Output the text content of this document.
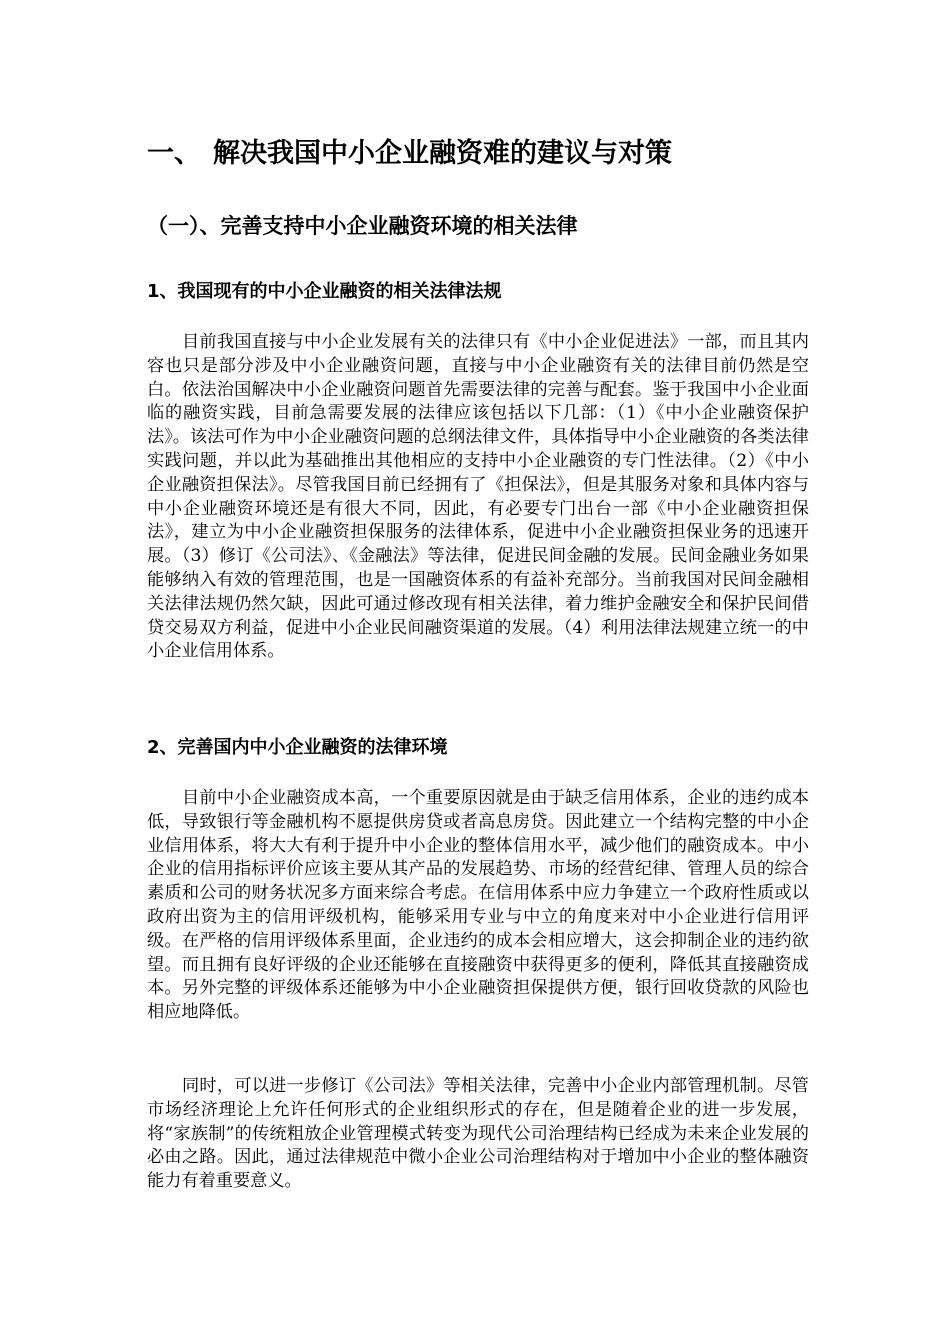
一、 解决我国中小企业融资难的建议与对策
（一）、完善支持中小企业融资环境的相关法律
1、我国现有的中小企业融资的相关法律法规

目前我国直接与中小企业发展有关的法律只有《中小企业促进法》一部，而且其内容也只是部分涉及中小企业融资问题，直接与中小企业融资有关的法律目前仍然是空白。依法治国解决中小企业融资问题首先需要法律的完善与配套。鉴于我国中小企业面临的融资实践，目前急需要发展的法律应该包括以下几部：（1）《中小企业融资保护法》。该法可作为中小企业融资问题的总纲法律文件，具体指导中小企业融资的各类法律实践问题，并以此为基础推出其他相应的支持中小企业融资的专门性法律。（2）《中小企业融资担保法》。尽管我国目前已经拥有了《担保法》，但是其服务对象和具体内容与中小企业融资环境还是有很大不同，因此，有必要专门出台一部《中小企业融资担保法》，建立为中小企业融资担保服务的法律体系，促进中小企业融资担保业务的迅速开展。（3）修订《公司法》、《金融法》等法律，促进民间金融的发展。民间金融业务如果能够纳入有效的管理范围，也是一国融资体系的有益补充部分。当前我国对民间金融相关法律法规仍然欠缺，因此可通过修改现有相关法律，着力维护金融安全和保护民间借贷交易双方利益，促进中小企业民间融资渠道的发展。（4）利用法律法规建立统一的中小企业信用体系。

2、完善国内中小企业融资的法律环境

目前中小企业融资成本高，一个重要原因就是由于缺乏信用体系，企业的违约成本低，导致银行等金融机构不愿提供房贷或者高息房贷。因此建立一个结构完整的中小企业信用体系，将大大有利于提升中小企业的整体信用水平，减少他们的融资成本。中小企业的信用指标评价应该主要从其产品的发展趋势、市场的经营纪律、管理人员的综合素质和公司的财务状况多方面来综合考虑。在信用体系中应力争建立一个政府性质或以政府出资为主的信用评级机构，能够采用专业与中立的角度来对中小企业进行信用评级。在严格的信用评级体系里面，企业违约的成本会相应增大，这会抑制企业的违约欲望。而且拥有良好评级的企业还能够在直接融资中获得更多的便利，降低其直接融资成本。另外完整的评级体系还能够为中小企业融资担保提供方便，银行回收贷款的风险也相应地降低。

同时，可以进一步修订《公司法》等相关法律，完善中小企业内部管理机制。尽管市场经济理论上允许任何形式的企业组织形式的存在，但是随着企业的进一步发展，将“家族制”的传统粗放企业管理模式转变为现代公司治理结构已经成为未来企业发展的必由之路。因此，通过法律规范中微小企业公司治理结构对于增加中小企业的整体融资能力有着重要意义。
